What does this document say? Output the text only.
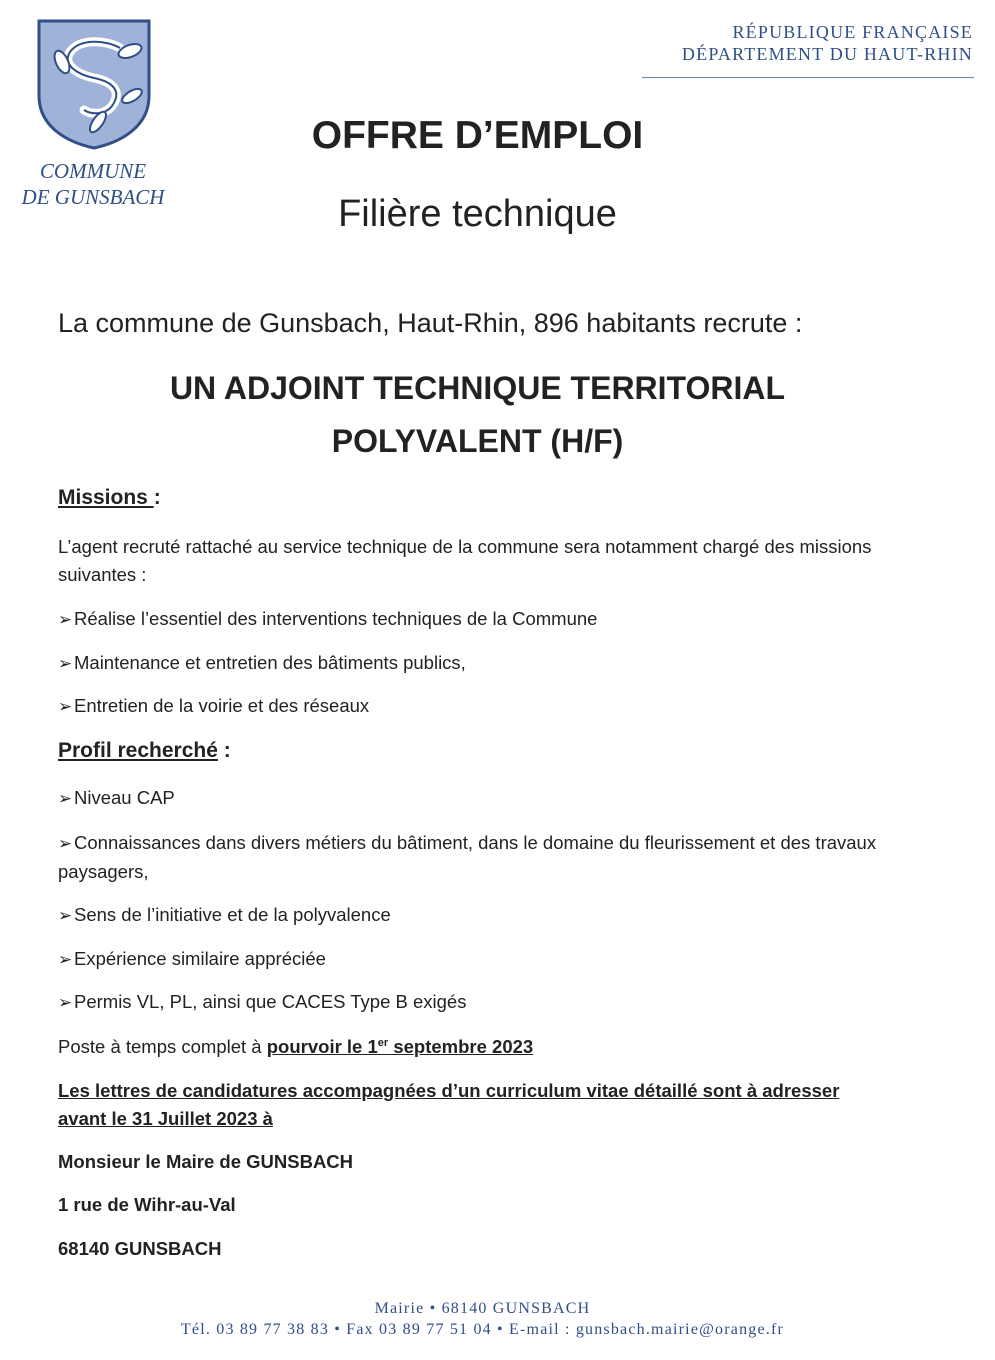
COMMUNE
DE GUNSBACH
RÉPUBLIQUE FRANÇAISE
DÉPARTEMENT DU HAUT-RHIN
OFFRE D’EMPLOI
Filière technique
La commune de Gunsbach, Haut-Rhin, 896 habitants recrute :
UN ADJOINT TECHNIQUE TERRITORIAL
POLYVALENT (H/F)
Missions :
L’agent recruté rattaché au service technique de la commune sera notamment chargé des missions suivantes :
➢Réalise l’essentiel des interventions techniques de la Commune
➢Maintenance et entretien des bâtiments publics,
➢Entretien de la voirie et des réseaux
Profil recherché :
➢Niveau CAP
➢Connaissances dans divers métiers du bâtiment, dans le domaine du fleurissement et des travaux paysagers,
➢Sens de l’initiative et de la polyvalence
➢Expérience similaire appréciée
➢Permis VL, PL, ainsi que CACES Type B exigés
Poste à temps complet à pourvoir le 1er septembre 2023
Les lettres de candidatures accompagnées d’un curriculum vitae détaillé sont à adresser
avant le 31 Juillet 2023 à
Monsieur le Maire de GUNSBACH
1 rue de Wihr-au-Val
68140 GUNSBACH
Mairie • 68140 GUNSBACH
Tél. 03 89 77 38 83 • Fax 03 89 77 51 04 • E-mail : gunsbach.mairie@orange.fr
